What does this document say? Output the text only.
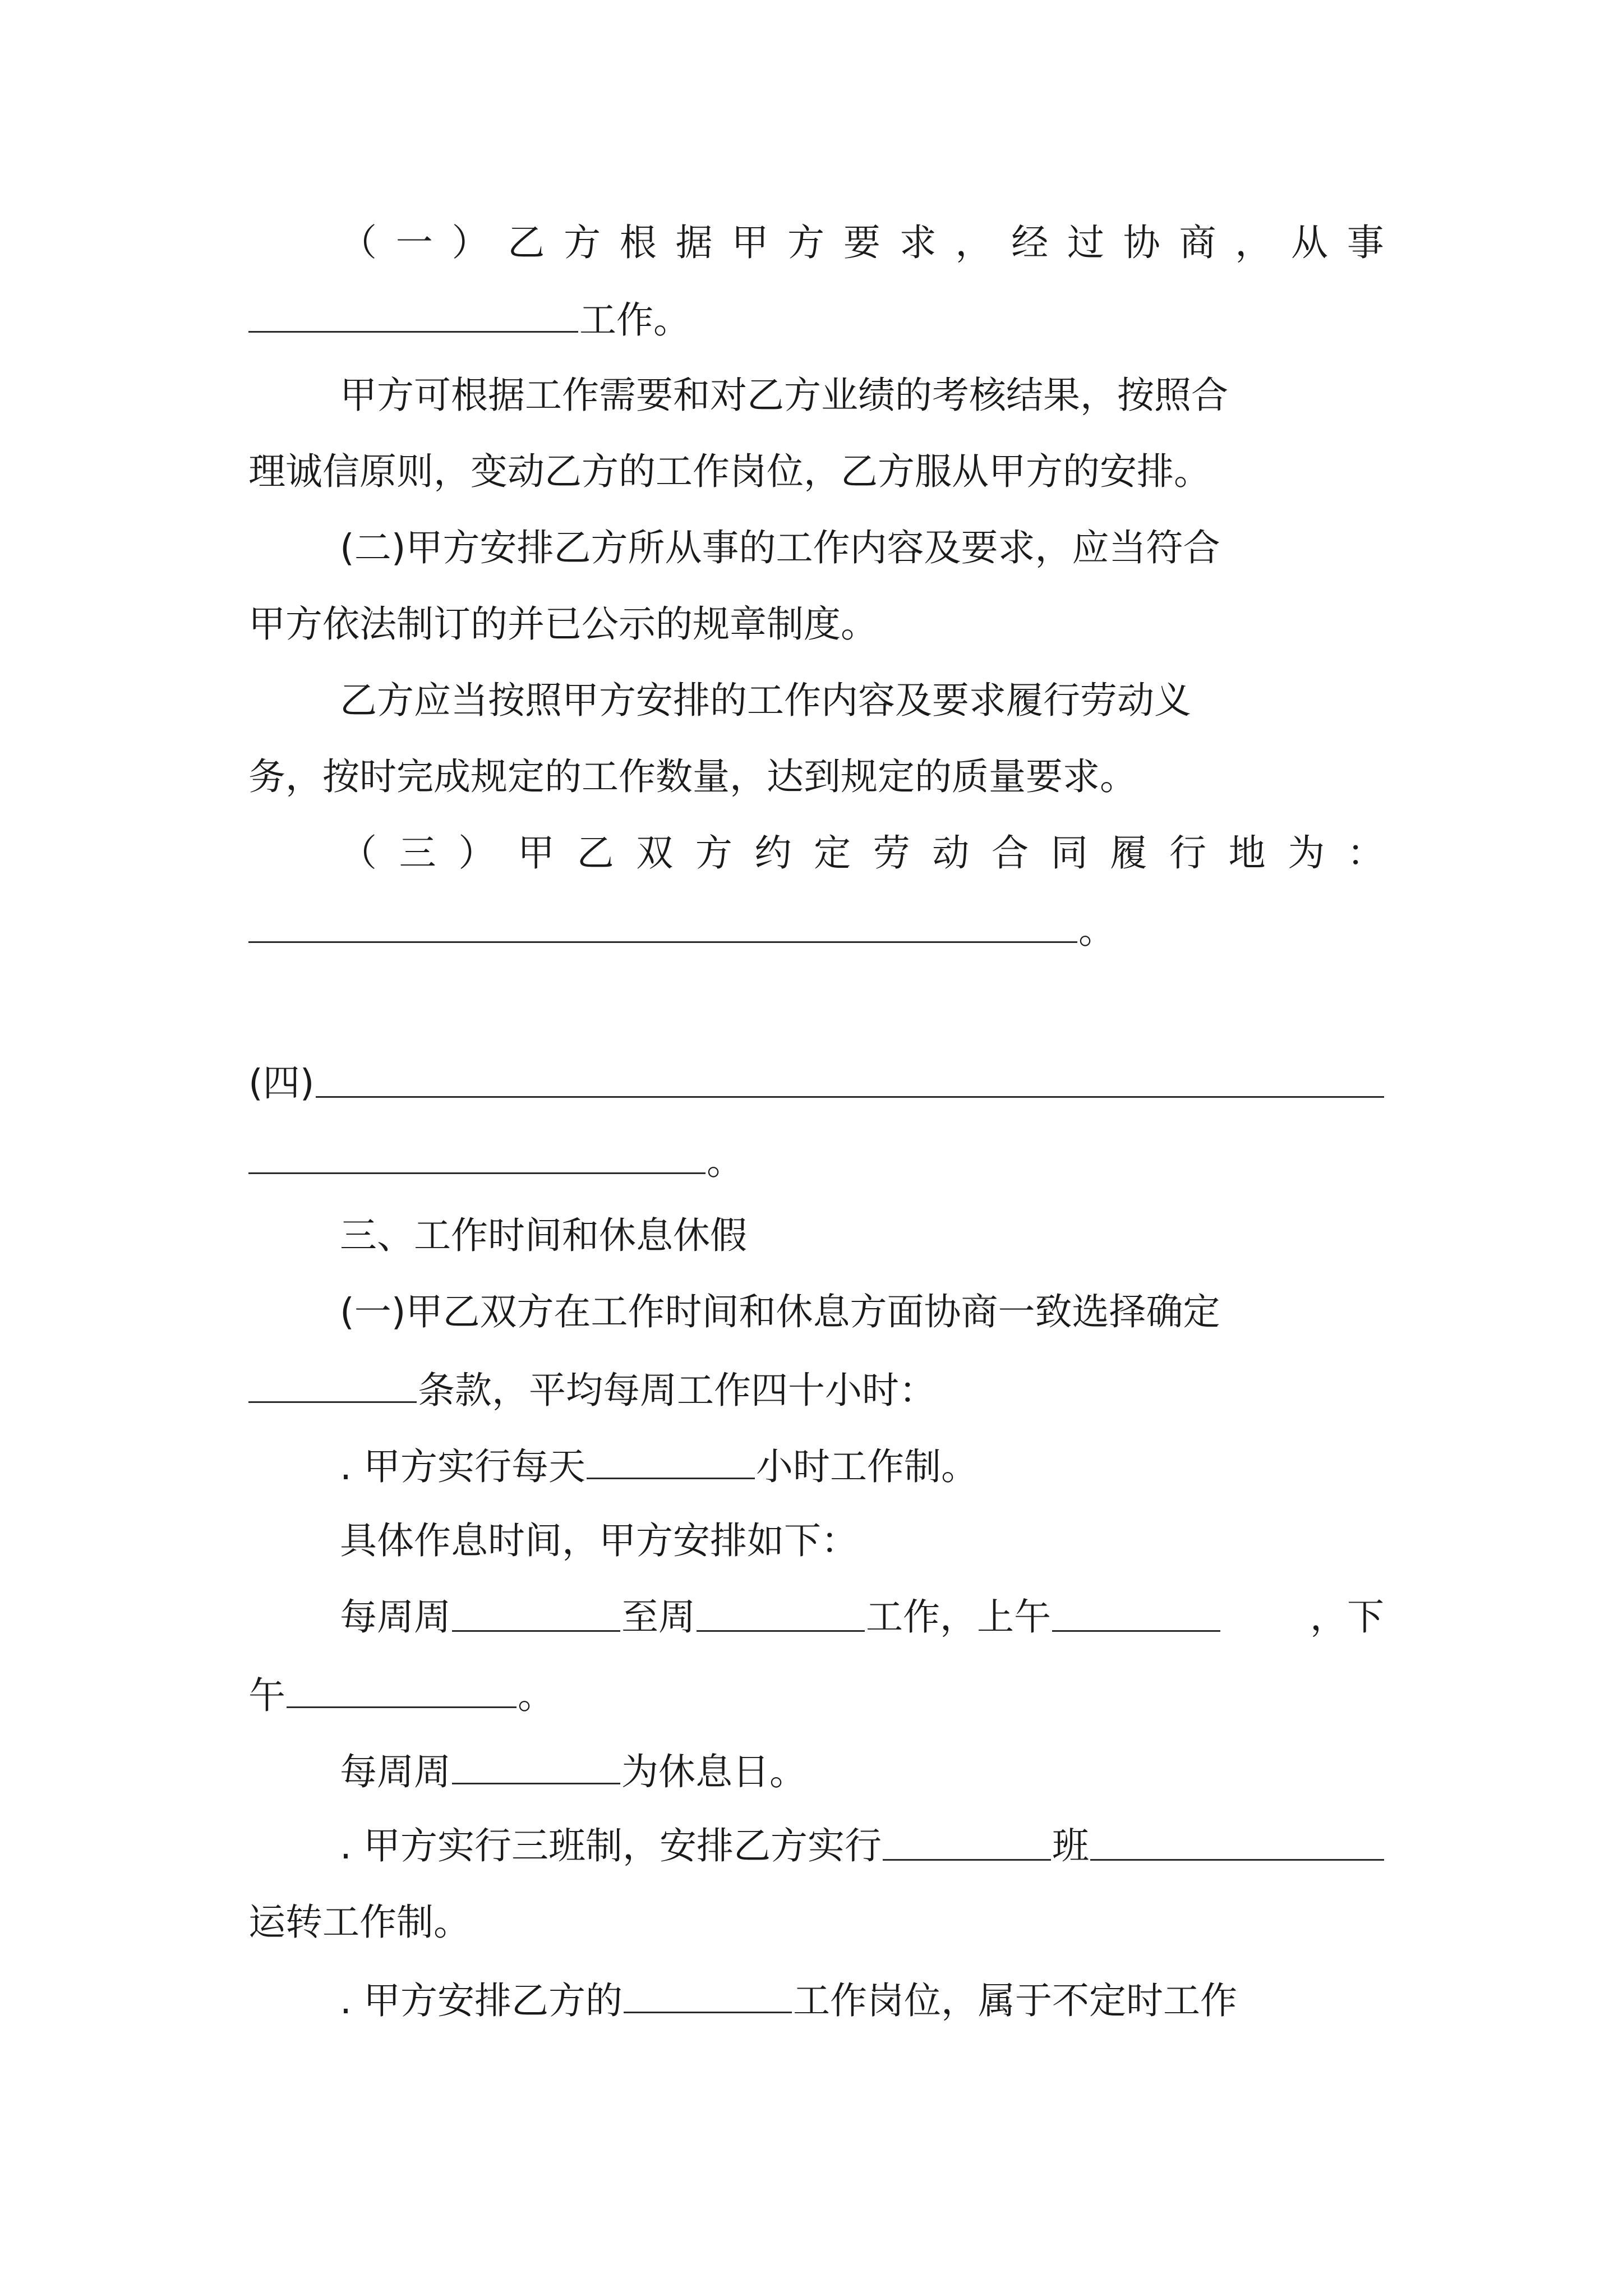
（ 一 ） 乙 方 根 据 甲 方 要 求 ， 经 过 协 商 ， 从 事
工作。
甲方可根据工作需要和对乙方业绩的考核结果，按照合
理诚信原则，变动乙方的工作岗位，乙方服从甲方的安排。
(二)甲方安排乙方所从事的工作内容及要求，应当符合
甲方依法制订的并已公示的规章制度。
乙方应当按照甲方安排的工作内容及要求履行劳动义
务，按时完成规定的工作数量，达到规定的质量要求。
（ 三 ） 甲 乙 双 方 约 定 劳 动 合 同 履 行 地 为 ：
。
(四)
。
三、工作时间和休息休假
(一)甲乙双方在工作时间和休息方面协商一致选择确定
条款，平均每周工作四十小时：
. 甲方实行每天	小时工作制。
具体作息时间，甲方安排如下：
每周周	至周	工作，上午	，下
午	。
每周周	为休息日。
. 甲方实行三班制，安排乙方实行	班
运转工作制。
. 甲方安排乙方的	工作岗位，属于不定时工作
